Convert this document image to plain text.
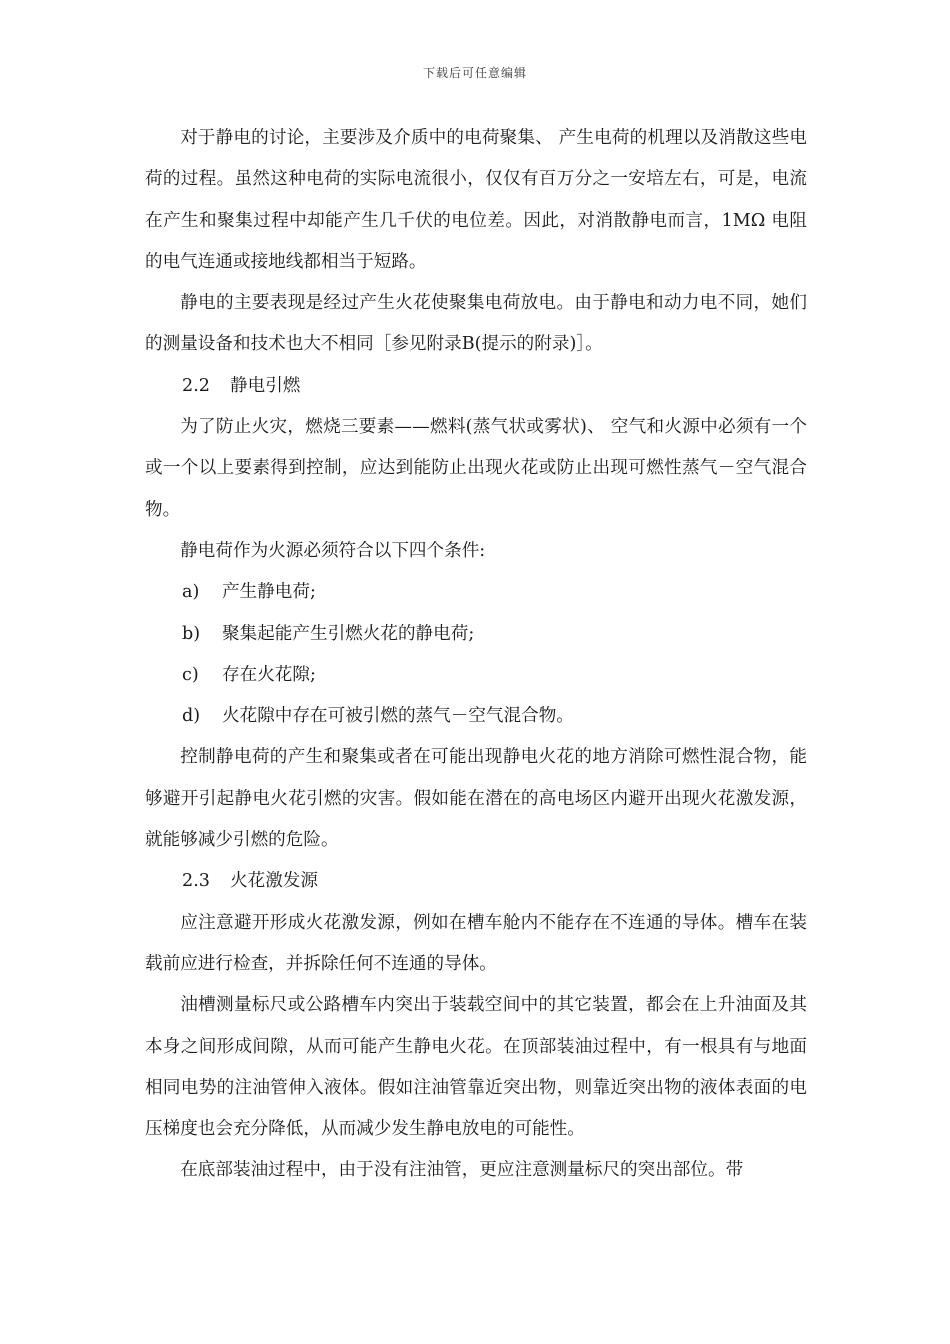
下载后可任意编辑

对于静电的讨论，主要涉及介质中的电荷聚集、 产生电荷的机理以及消散这些电荷的过程。虽然这种电荷的实际电流很小，仅仅有百万分之一安培左右，可是，电流在产生和聚集过程中却能产生几千伏的电位差。因此，对消散静电而言，1MΩ 电阻的电气连通或接地线都相当于短路。

静电的主要表现是经过产生火花使聚集电荷放电。由于静电和动力电不同，她们的测量设备和技术也大不相同［参见附录B(提示的附录)］。

2.2 静电引燃

为了防止火灾，燃烧三要素——燃料(蒸气状或雾状)、 空气和火源中必须有一个或一个以上要素得到控制，应达到能防止出现火花或防止出现可燃性蒸气－空气混合物。

静电荷作为火源必须符合以下四个条件:

a) 产生静电荷;

b) 聚集起能产生引燃火花的静电荷;

c) 存在火花隙;

d) 火花隙中存在可被引燃的蒸气－空气混合物。

控制静电荷的产生和聚集或者在可能出现静电火花的地方消除可燃性混合物，能够避开引起静电火花引燃的灾害。假如能在潜在的高电场区内避开出现火花激发源，就能够减少引燃的危险。

2.3 火花激发源

应注意避开形成火花激发源，例如在槽车舱内不能存在不连通的导体。槽车在装载前应进行检查，并拆除任何不连通的导体。

油槽测量标尺或公路槽车内突出于装载空间中的其它装置，都会在上升油面及其本身之间形成间隙，从而可能产生静电火花。在顶部装油过程中，有一根具有与地面相同电势的注油管伸入液体。假如注油管靠近突出物，则靠近突出物的液体表面的电压梯度也会充分降低，从而减少发生静电放电的可能性。

在底部装油过程中，由于没有注油管，更应注意测量标尺的突出部位。带
